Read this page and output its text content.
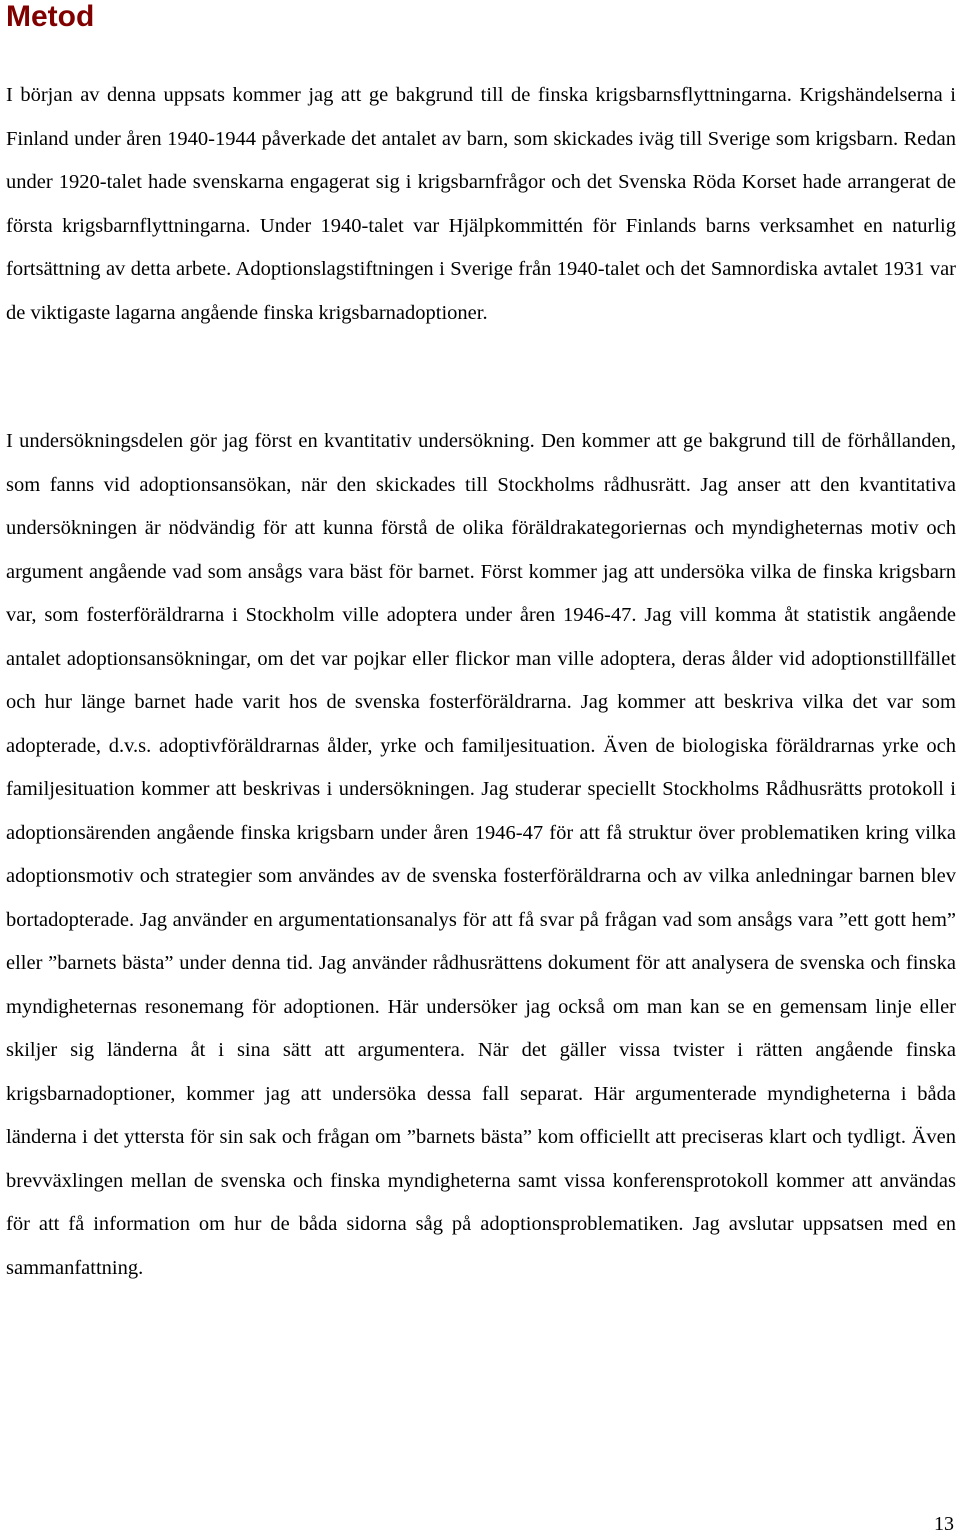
Metod

I början av denna uppsats kommer jag att ge bakgrund till de finska krigsbarnsflyttningarna. Krigshändelserna i Finland under åren 1940-1944 påverkade det antalet av barn, som skickades iväg till Sverige som krigsbarn. Redan under 1920-talet hade svenskarna engagerat sig i krigsbarnfrågor och det Svenska Röda Korset hade arrangerat de första krigsbarnflyttningarna. Under 1940-talet var Hjälpkommittén för Finlands barns verksamhet en naturlig fortsättning av detta arbete. Adoptionslagstiftningen i Sverige från 1940-talet och det Samnordiska avtalet 1931 var de viktigaste lagarna angående finska krigsbarnadoptioner.

I undersökningsdelen gör jag först en kvantitativ undersökning. Den kommer att ge bakgrund till de förhållanden, som fanns vid adoptionsansökan, när den skickades till Stockholms rådhusrätt. Jag anser att den kvantitativa undersökningen är nödvändig för att kunna förstå de olika föräldrakategoriernas och myndigheternas motiv och argument angående vad som ansågs vara bäst för barnet. Först kommer jag att undersöka vilka de finska krigsbarn var, som fosterföräldrarna i Stockholm ville adoptera under åren 1946-47. Jag vill komma åt statistik angående antalet adoptionsansökningar, om det var pojkar eller flickor man ville adoptera, deras ålder vid adoptionstillfället och hur länge barnet hade varit hos de svenska fosterföräldrarna. Jag kommer att beskriva vilka det var som adopterade, d.v.s. adoptivföräldrarnas ålder, yrke och familjesituation. Även de biologiska föräldrarnas yrke och familjesituation kommer att beskrivas i undersökningen. Jag studerar speciellt Stockholms Rådhusrätts protokoll i adoptionsärenden angående finska krigsbarn under åren 1946-47 för att få struktur över problematiken kring vilka adoptionsmotiv och strategier som användes av de svenska fosterföräldrarna och av vilka anledningar barnen blev bortadopterade. Jag använder en argumentationsanalys för att få svar på frågan vad som ansågs vara ”ett gott hem” eller ”barnets bästa” under denna tid. Jag använder rådhusrättens dokument för att analysera de svenska och finska myndigheternas resonemang för adoptionen. Här undersöker jag också om man kan se en gemensam linje eller skiljer sig länderna åt i sina sätt att argumentera. När det gäller vissa tvister i rätten angående finska krigsbarnadoptioner, kommer jag att undersöka dessa fall separat. Här argumenterade myndigheterna i båda länderna i det yttersta för sin sak och frågan om ”barnets bästa” kom officiellt att preciseras klart och tydligt. Även brevväxlingen mellan de svenska och finska myndigheterna samt vissa konferensprotokoll kommer att användas för att få information om hur de båda sidorna såg på adoptionsproblematiken. Jag avslutar uppsatsen med en sammanfattning.

13
